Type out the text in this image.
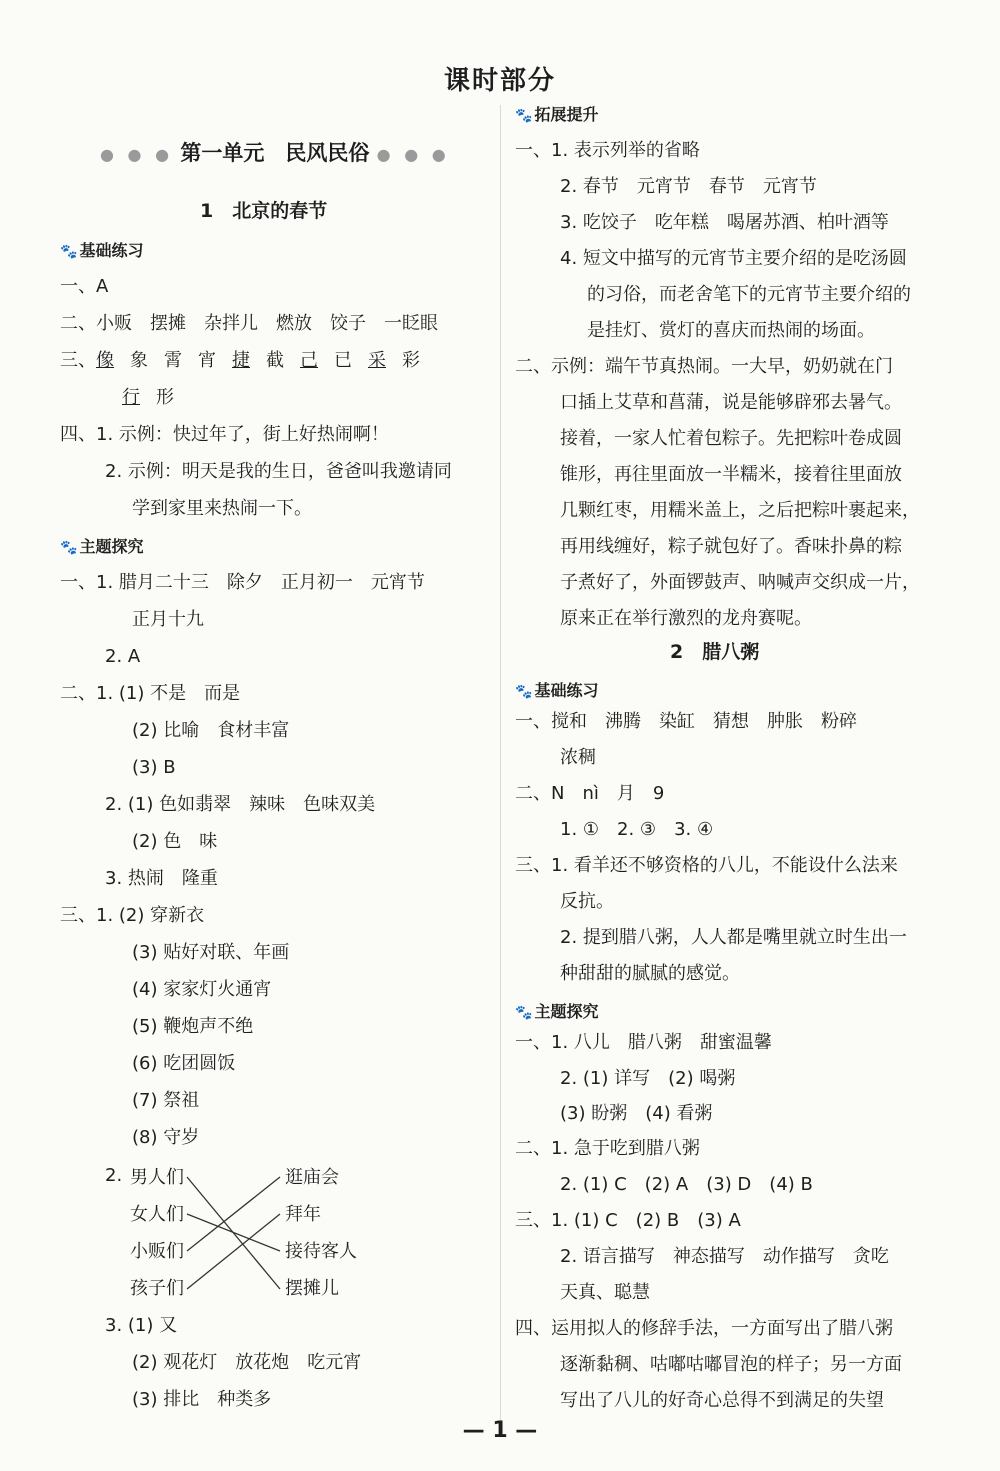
课时部分
● ● ● 第一单元　民风民俗 ● ● ●
1　北京的春节
🐾 基础练习
一、A
二、小贩　摆摊　杂拌儿　燃放　饺子　一眨眼
三、像 象 霄 宵 捷 截 己 已 采 彩
行 形
四、1. 示例：快过年了，街上好热闹啊！
2. 示例：明天是我的生日，爸爸叫我邀请同
学到家里来热闹一下。
🐾 主题探究
一、1. 腊月二十三　除夕　正月初一　元宵节
正月十九
2. A
二、1. (1) 不是　而是
(2) 比喻　食材丰富
(3) B
2. (1) 色如翡翠　辣味　色味双美
(2) 色　味
3. 热闹　隆重
三、1. (2) 穿新衣
(3) 贴好对联、年画
(4) 家家灯火通宵
(5) 鞭炮声不绝
(6) 吃团圆饭
(7) 祭祖
(8) 守岁
2.
3. (1) 又
(2) 观花灯　放花炮　吃元宵
(3) 排比　种类多
男人们
女人们
小贩们
孩子们
逛庙会
拜年
接待客人
摆摊儿
🐾 拓展提升
一、1. 表示列举的省略
2. 春节　元宵节　春节　元宵节
3. 吃饺子　吃年糕　喝屠苏酒、柏叶酒等
4. 短文中描写的元宵节主要介绍的是吃汤圆
的习俗，而老舍笔下的元宵节主要介绍的
是挂灯、赏灯的喜庆而热闹的场面。
二、示例：端午节真热闹。一大早，奶奶就在门
口插上艾草和菖蒲，说是能够辟邪去暑气。
接着，一家人忙着包粽子。先把粽叶卷成圆
锥形，再往里面放一半糯米，接着往里面放
几颗红枣，用糯米盖上，之后把粽叶裹起来，
再用线缠好，粽子就包好了。香味扑鼻的粽
子煮好了，外面锣鼓声、呐喊声交织成一片，
原来正在举行激烈的龙舟赛呢。
2　腊八粥
🐾 基础练习
一、搅和　沸腾　染缸　猜想　肿胀　粉碎
浓稠
二、N　nì　月　9
1. ①　2. ③　3. ④
三、1. 看羊还不够资格的八儿，不能设什么法来
反抗。
2. 提到腊八粥，人人都是嘴里就立时生出一
种甜甜的腻腻的感觉。
🐾 主题探究
一、1. 八儿　腊八粥　甜蜜温馨
2. (1) 详写　(2) 喝粥
(3) 盼粥　(4) 看粥
二、1. 急于吃到腊八粥
2. (1) C　(2) A　(3) D　(4) B
三、1. (1) C　(2) B　(3) A
2. 语言描写　神态描写　动作描写　贪吃
天真、聪慧
四、运用拟人的修辞手法，一方面写出了腊八粥
逐渐黏稠、咕嘟咕嘟冒泡的样子；另一方面
写出了八儿的好奇心总得不到满足的失望
— 1 —
